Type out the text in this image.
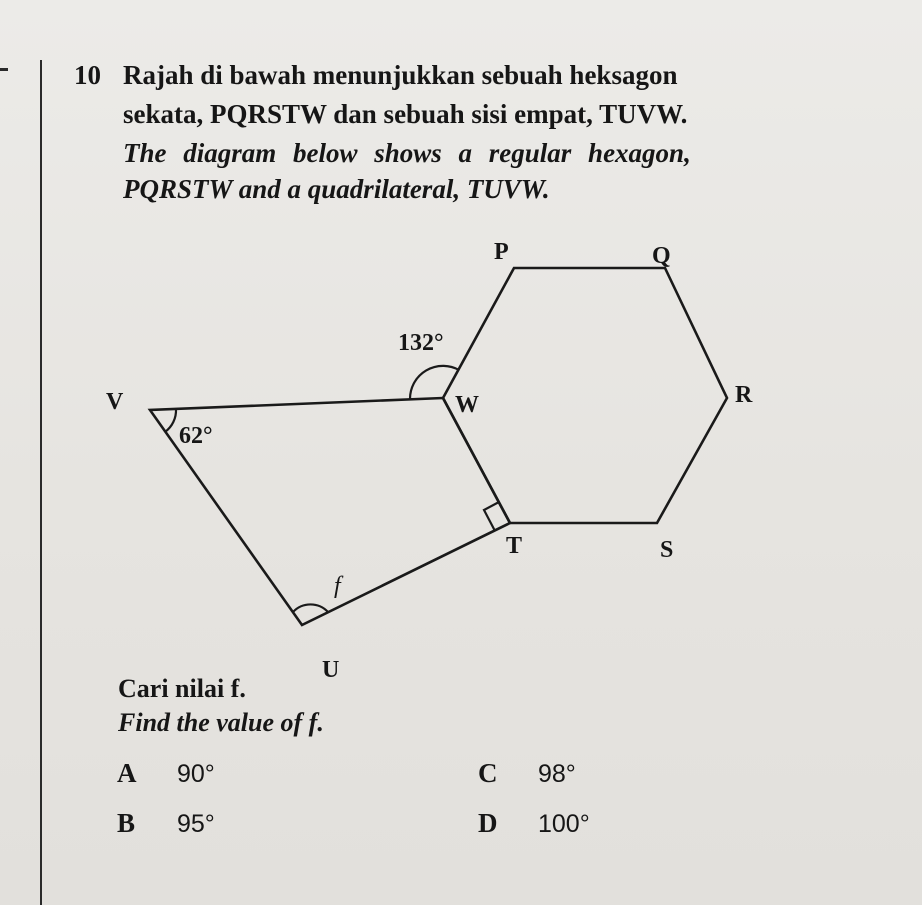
10 Rajah di bawah menunjukkan sebuah heksagon
sekata, PQRSTW dan sebuah sisi empat, TUVW.
The diagram below shows a regular hexagon,
PQRSTW and a quadrilateral, TUVW.
P	Q
R
S
T
W
V
U
132°
62°
f
Cari nilai f.
Find the value of f.
A 90°
B 95°
C 98°
D 100°
